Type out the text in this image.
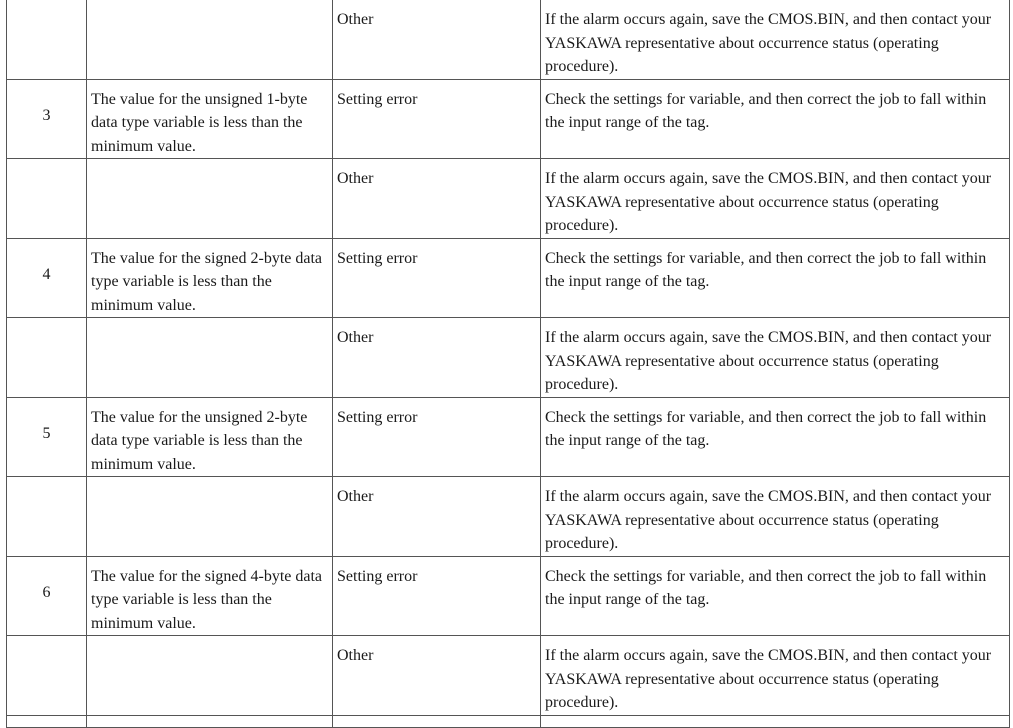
		Other	If the alarm occurs again, save the CMOS.BIN, and then contact your YASKAWA representative about occurrence status (operating procedure).
3	The value for the unsigned 1-byte data type variable is less than the minimum value.	Setting error	Check the settings for variable, and then correct the job to fall within the input range of the tag.
		Other	If the alarm occurs again, save the CMOS.BIN, and then contact your YASKAWA representative about occurrence status (operating procedure).
4	The value for the signed 2-byte data type variable is less than the minimum value.	Setting error	Check the settings for variable, and then correct the job to fall within the input range of the tag.
		Other	If the alarm occurs again, save the CMOS.BIN, and then contact your YASKAWA representative about occurrence status (operating procedure).
5	The value for the unsigned 2-byte data type variable is less than the minimum value.	Setting error	Check the settings for variable, and then correct the job to fall within the input range of the tag.
		Other	If the alarm occurs again, save the CMOS.BIN, and then contact your YASKAWA representative about occurrence status (operating procedure).
6	The value for the signed 4-byte data type variable is less than the minimum value.	Setting error	Check the settings for variable, and then correct the job to fall within the input range of the tag.
		Other	If the alarm occurs again, save the CMOS.BIN, and then contact your YASKAWA representative about occurrence status (operating procedure).
